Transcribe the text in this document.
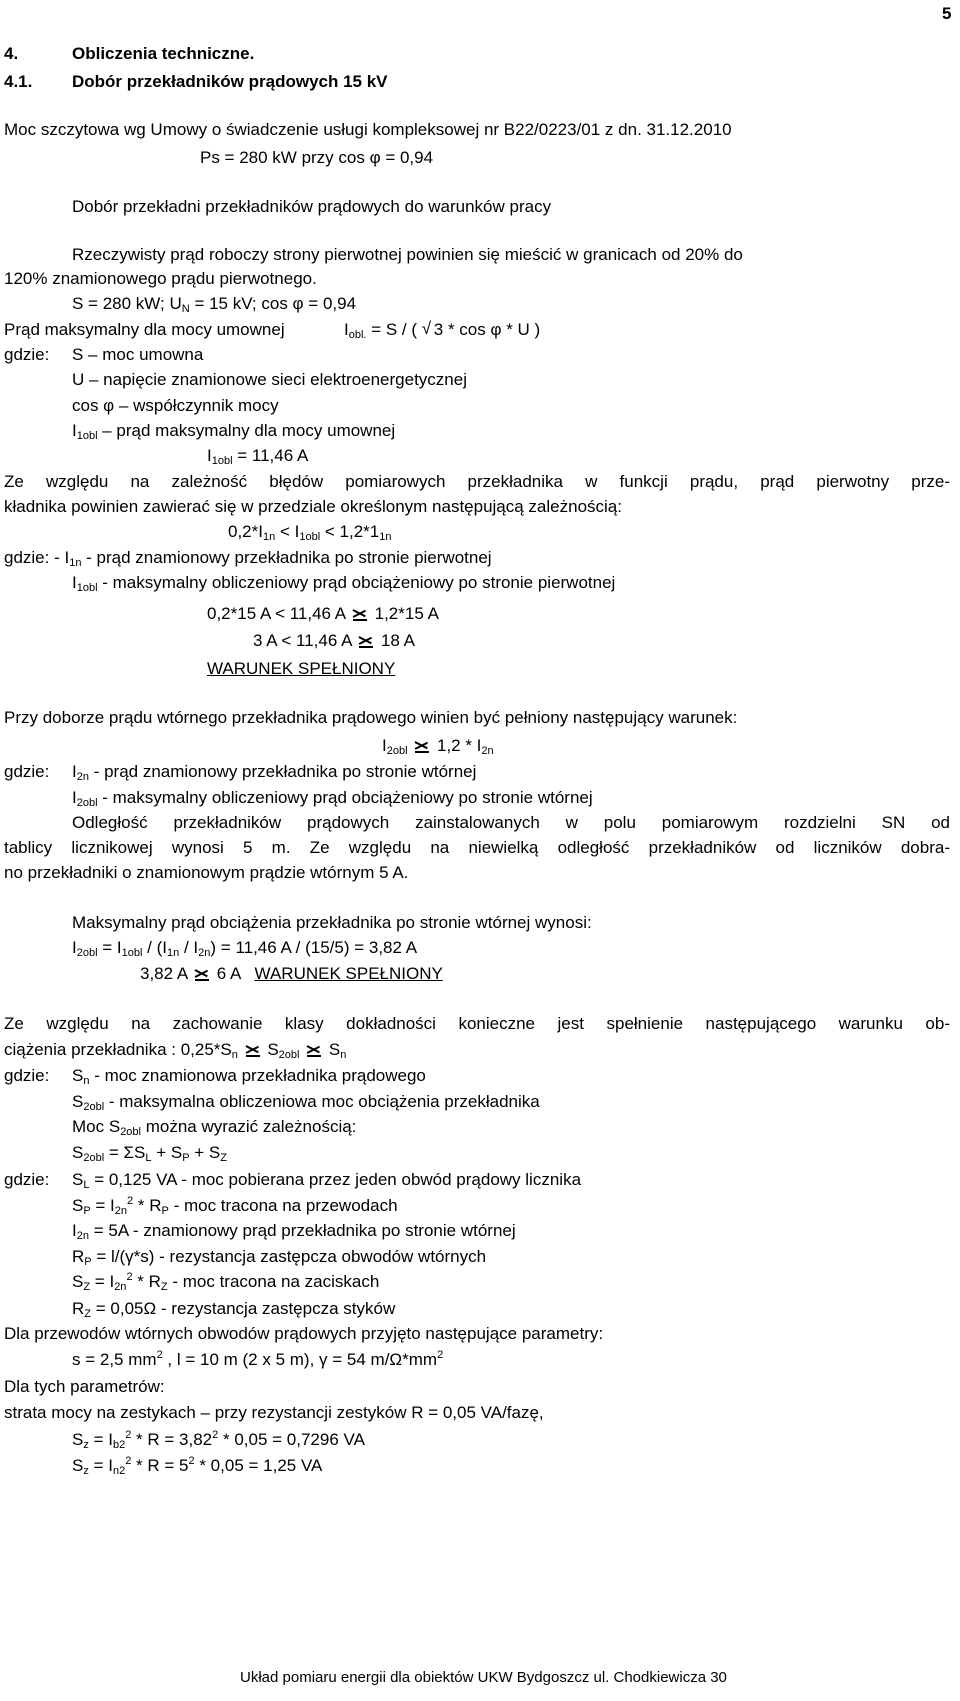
5
4.	Obliczenia techniczne.
4.1. Dobór przekładników prądowych 15 kV
Moc szczytowa wg Umowy o świadczenie usługi kompleksowej nr B22/0223/01 z dn. 31.12.2010
Ps = 280 kW przy cos φ = 0,94
Dobór przekładni przekładników prądowych do warunków pracy
Rzeczywisty prąd roboczy strony pierwotnej powinien się mieścić w granicach od 20% do
120% znamionowego prądu pierwotnego.
S = 280 kW; $U_N = 15$ kV; cos φ = 0,94
Prąd maksymalny dla mocy umownej	$I_{obl.} = S$ / ( √ 3 * cos φ * U )
gdzie: S – moc umowna
U – napięcie znamionowe sieci elektroenergetycznej
cos φ – współczynnik mocy
$I_{1obl}$ – prąd maksymalny dla mocy umownej
$I_{1obl} = 11,46$ A
Ze względu na zależność błędów pomiarowych przekładnika w funkcji prądu, prąd pierwotny prze-
kładnika powinien zawierać się w przedziale określonym następującą zależnością:
$0,2*I_{1n} < I_{1obl} < 1,2*1_{1n}$
gdzie: - $I_{1n}$ - prąd znamionowy przekładnika po stronie pierwotnej
$I_{1obl}$ - maksymalny obliczeniowy prąd obciążeniowy po stronie pierwotnej
0,2*15 A < 11,46 A
1,2*15 A
3 A < 11,46 A
18 A
WARUNEK SPEŁNIONY
Przy doborze prądu wtórnego przekładnika prądowego winien być pełniony następujący warunek:
$I_{2obl}$
$1,2 * I_{2n}$
gdzie: $I_{2n}$ - prąd znamionowy przekładnika po stronie wtórnej
$I_{2obl}$ - maksymalny obliczeniowy prąd obciążeniowy po stronie wtórnej
Odległość przekładników prądowych zainstalowanych w polu pomiarowym rozdzielni SN od
tablicy licznikowej wynosi 5 m. Ze względu na niewielką odległość przekładników od liczników dobra-
no przekładniki o znamionowym prądzie wtórnym 5 A.
Maksymalny prąd obciążenia przekładnika po stronie wtórnej wynosi:
$I_{2obl} = I_{1obl} / (I_{1n} / I_{2n}) = 11,46$ A / (15/5) = 3,82 A
3,82 A
6 A WARUNEK SPEŁNIONY
Ze względu na zachowanie klasy dokładności konieczne jest spełnienie następującego warunku ob-
ciążenia przekładnika : $0,25*S_n$
$S_{2obl}$
$S_n$
gdzie: $S_n$ - moc znamionowa przekładnika prądowego
$S_{2obl}$ - maksymalna obliczeniowa moc obciążenia przekładnika
Moc $S_{2obl}$ można wyrazić zależnością:
$S_{2obl} = \Sigma S_L + S_P + S_Z$
gdzie: $S_L = 0,125$ VA - moc pobierana przez jeden obwód prądowy licznika
$S_P = I_{2n}^2 * R_P$ - moc tracona na przewodach
$I_{2n} = 5A$ - znamionowy prąd przekładnika po stronie wtórnej
$R_P = l/(\gamma*s)$ - rezystancja zastępcza obwodów wtórnych
$S_Z = I_{2n}^2 * R_Z$ - moc tracona na zaciskach
$R_Z = 0,05\Omega$ - rezystancja zastępcza styków
Dla przewodów wtórnych obwodów prądowych przyjęto następujące parametry:
s = 2,5 $mm^2$ , l = 10 m (2 x 5 m), γ = 54 $m/\Omega*mm^2$
Dla tych parametrów:
strata mocy na zestykach – przy rezystancji zestyków R = 0,05 VA/fazę,
$S_z = I_{b2}^2 * R = 3,82^2 * 0,05 = 0,7296$ VA
$S_z = I_{n2}^2 * R = 5^2 * 0,05 = 1,25$ VA
Układ pomiaru energii dla obiektów UKW Bydgoszcz ul. Chodkiewicza 30
